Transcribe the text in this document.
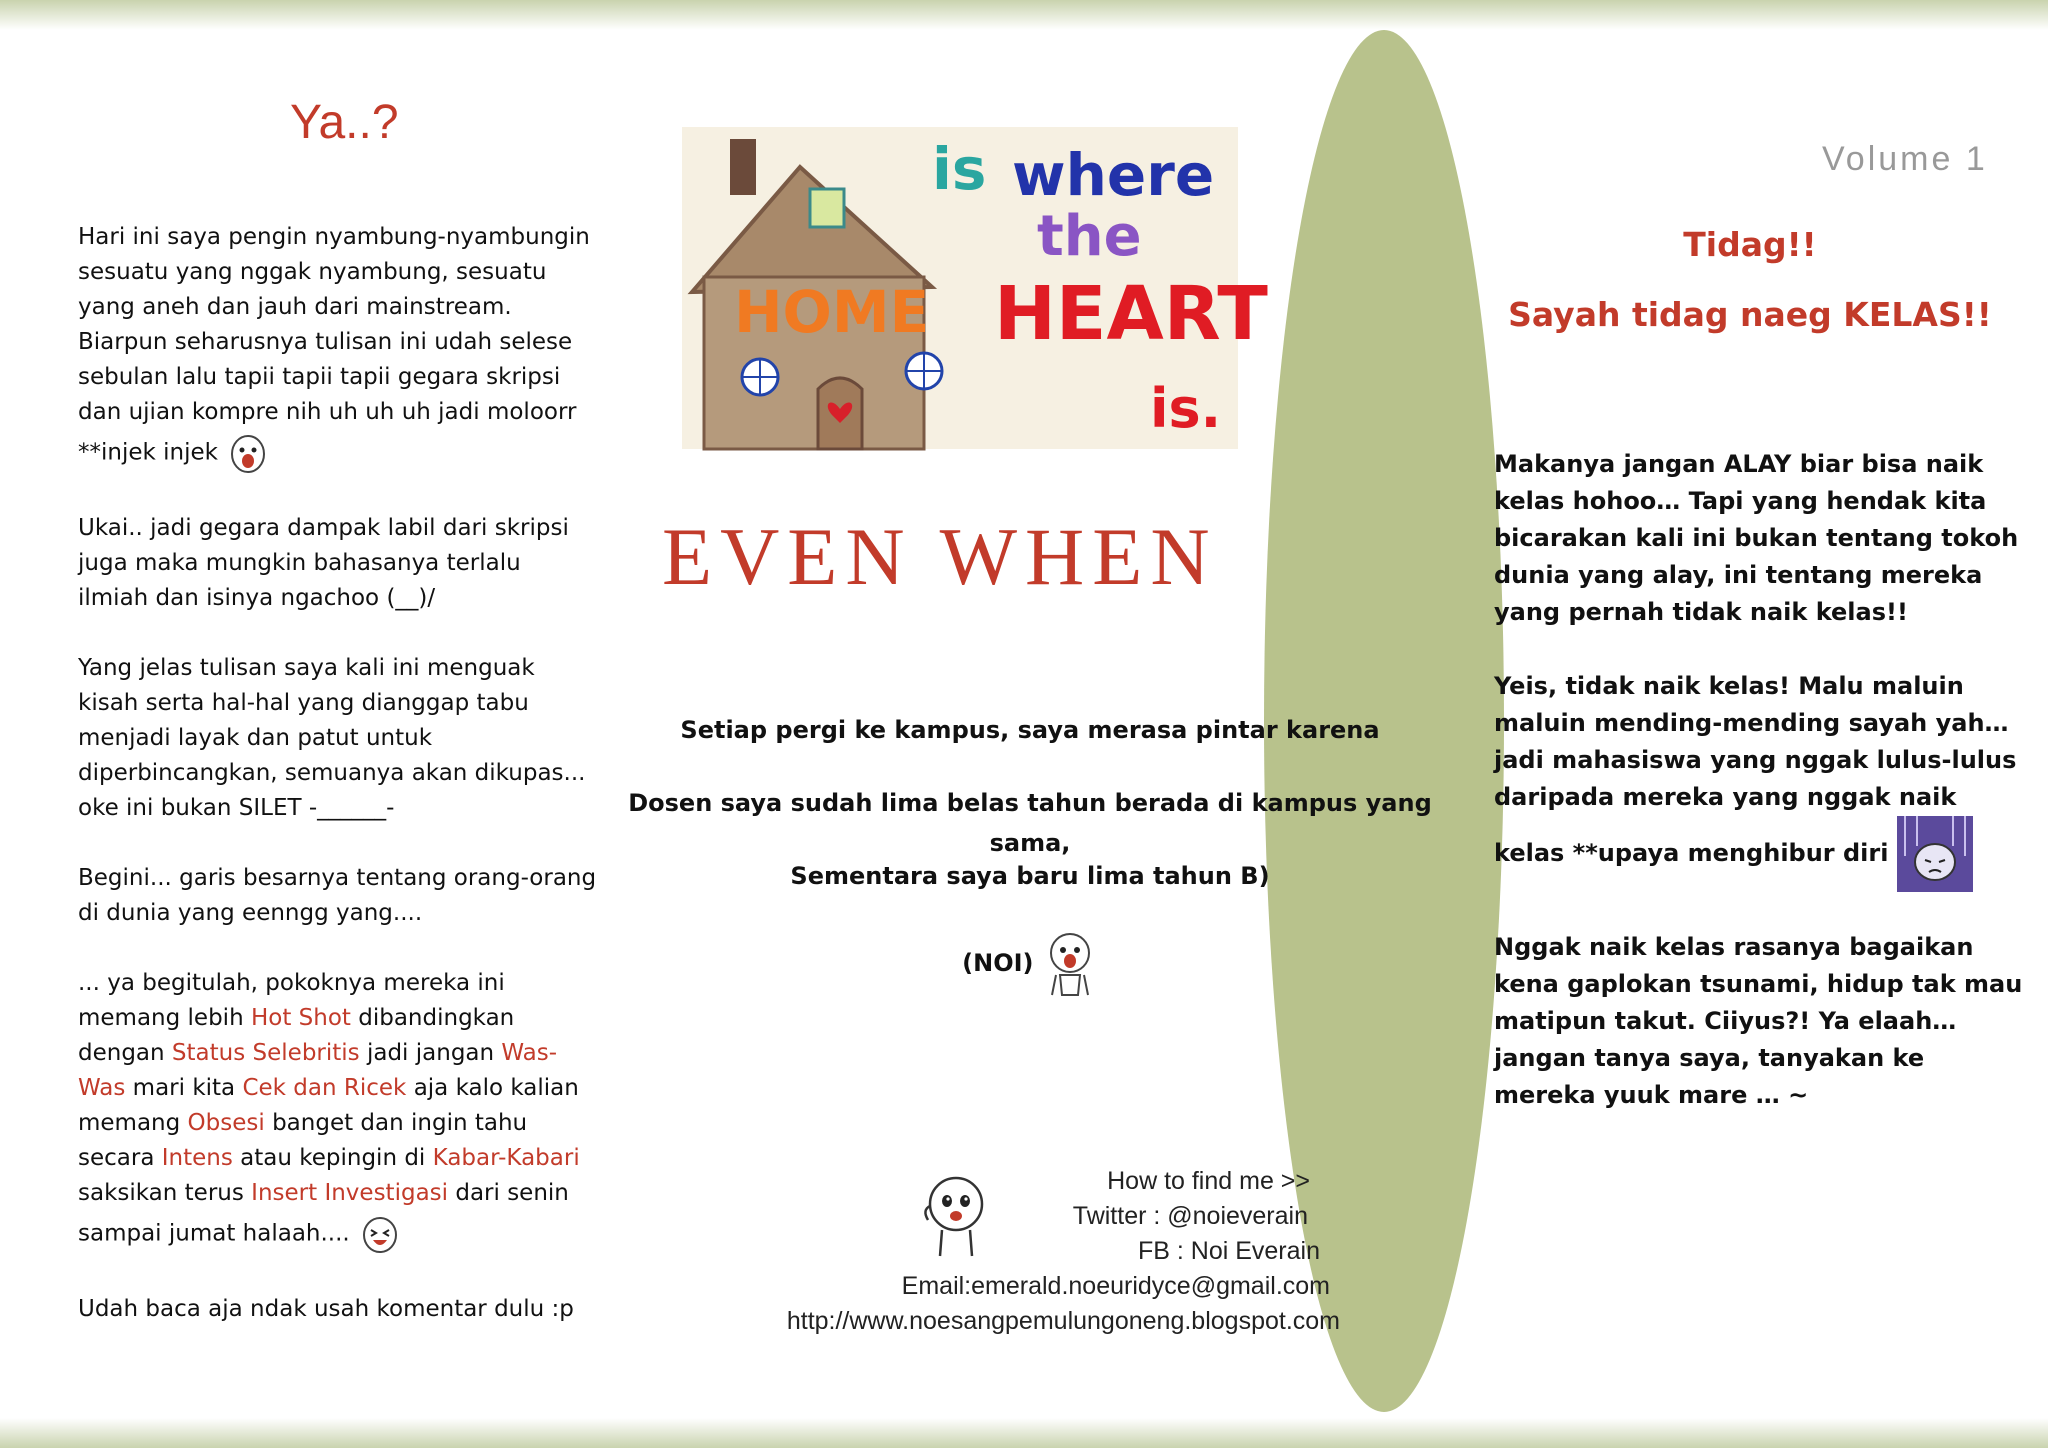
Ya..?

Hari ini saya pengin nyambung-nyambungin sesuatu yang nggak nyambung, sesuatu yang aneh dan jauh dari mainstream. Biarpun seharusnya tulisan ini udah selese sebulan lalu tapii tapii tapii gegara skripsi dan ujian kompre nih uh uh uh jadi moloorr **injek injek

Ukai.. jadi gegara dampak labil dari skripsi juga maka mungkin bahasanya terlalu ilmiah dan isinya ngachoo (__)/

Yang jelas tulisan saya kali ini menguak kisah serta hal-hal yang dianggap tabu menjadi layak dan patut untuk diperbincangkan, semuanya akan dikupas... oke ini bukan SILET -______-

Begini... garis besarnya tentang orang-orang di dunia yang eenngg yang....

... ya begitulah, pokoknya mereka ini memang lebih Hot Shot dibandingkan dengan Status Selebritis jadi jangan Was-Was mari kita Cek dan Ricek aja kalo kalian memang Obsesi banget dan ingin tahu secara Intens atau kepingin di Kabar-Kabari saksikan terus Insert Investigasi dari senin sampai jumat halaah....

Udah baca aja ndak usah komentar dulu :p

is where
the
HOME HEART
is.
EVEN WHEN
Setiap pergi ke kampus, saya merasa pintar karena
Dosen saya sudah lima belas tahun berada di kampus yang sama,
Sementara saya baru lima tahun B)
(NOI)
How to find me >>
Twitter : @noieverain
FB : Noi Everain
Email:emerald.noeuridyce@gmail.com
http://www.noesangpemulungoneng.blogspot.com
Volume 1
Tidag!!
Sayah tidag naeg KELAS!!

Makanya jangan ALAY biar bisa naik kelas hohoo… Tapi yang hendak kita bicarakan kali ini bukan tentang tokoh dunia yang alay, ini tentang mereka yang pernah tidak naik kelas!!

Yeis, tidak naik kelas! Malu maluin maluin mending-mending sayah yah… jadi mahasiswa yang nggak lulus-lulus daripada mereka yang nggak naik kelas **upaya menghibur diri

Nggak naik kelas rasanya bagaikan kena gaplokan tsunami, hidup tak mau matipun takut. Ciiyus?! Ya elaah… jangan tanya saya, tanyakan ke mereka yuuk mare … ~
